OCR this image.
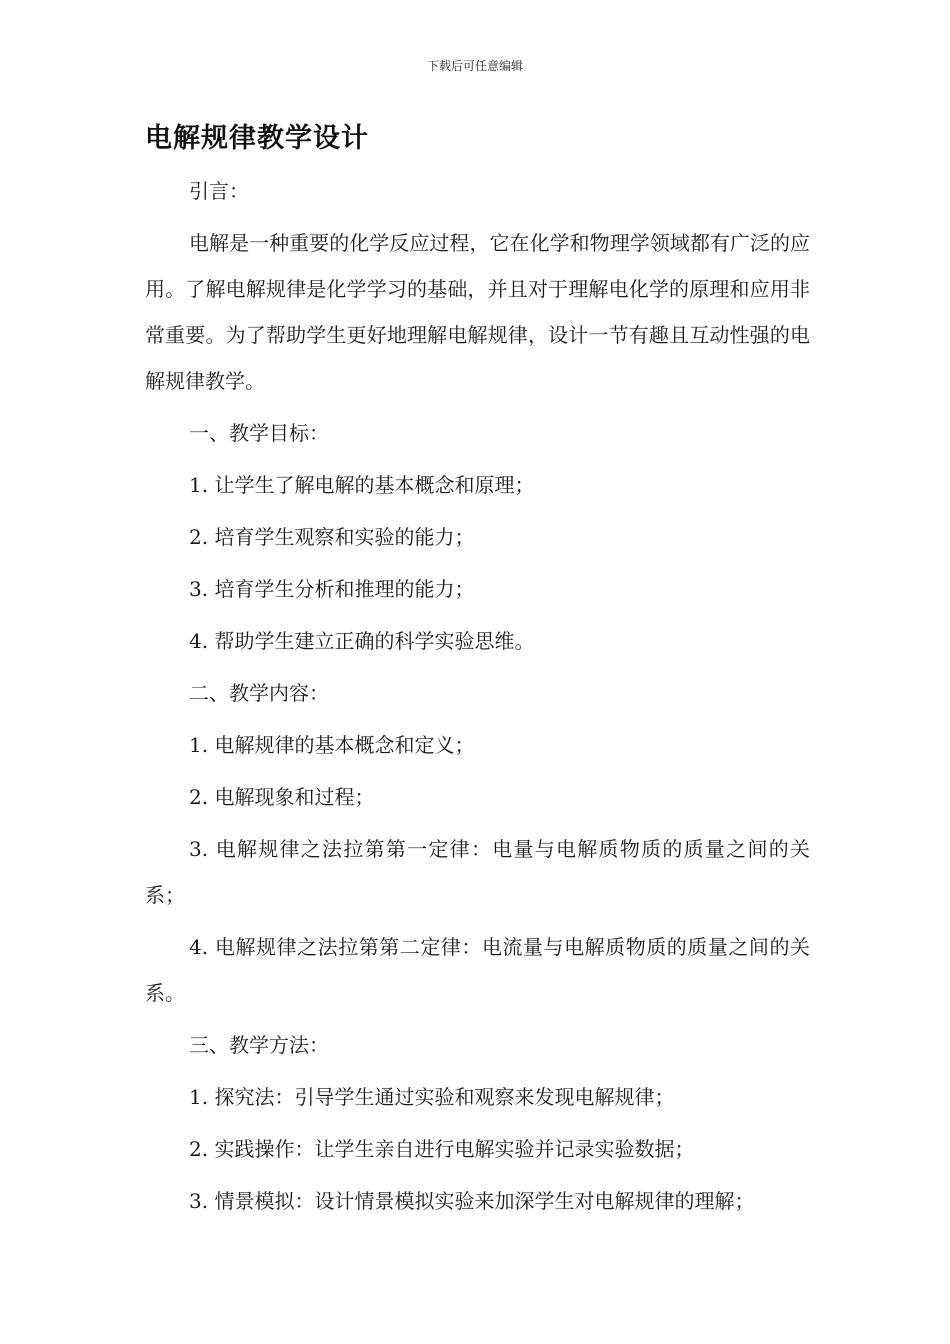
下载后可任意编辑

电解规律教学设计

引言：

电解是一种重要的化学反应过程，它在化学和物理学领域都有广泛的应用。了解电解规律是化学学习的基础，并且对于理解电化学的原理和应用非常重要。为了帮助学生更好地理解电解规律，设计一节有趣且互动性强的电解规律教学。

一、教学目标：

1. 让学生了解电解的基本概念和原理；

2. 培育学生观察和实验的能力；

3. 培育学生分析和推理的能力；

4. 帮助学生建立正确的科学实验思维。

二、教学内容：

1. 电解规律的基本概念和定义；

2. 电解现象和过程；

3. 电解规律之法拉第第一定律：电量与电解质物质的质量之间的关系；

4. 电解规律之法拉第第二定律：电流量与电解质物质的质量之间的关系。

三、教学方法：

1. 探究法：引导学生通过实验和观察来发现电解规律；

2. 实践操作：让学生亲自进行电解实验并记录实验数据；

3. 情景模拟：设计情景模拟实验来加深学生对电解规律的理解；
